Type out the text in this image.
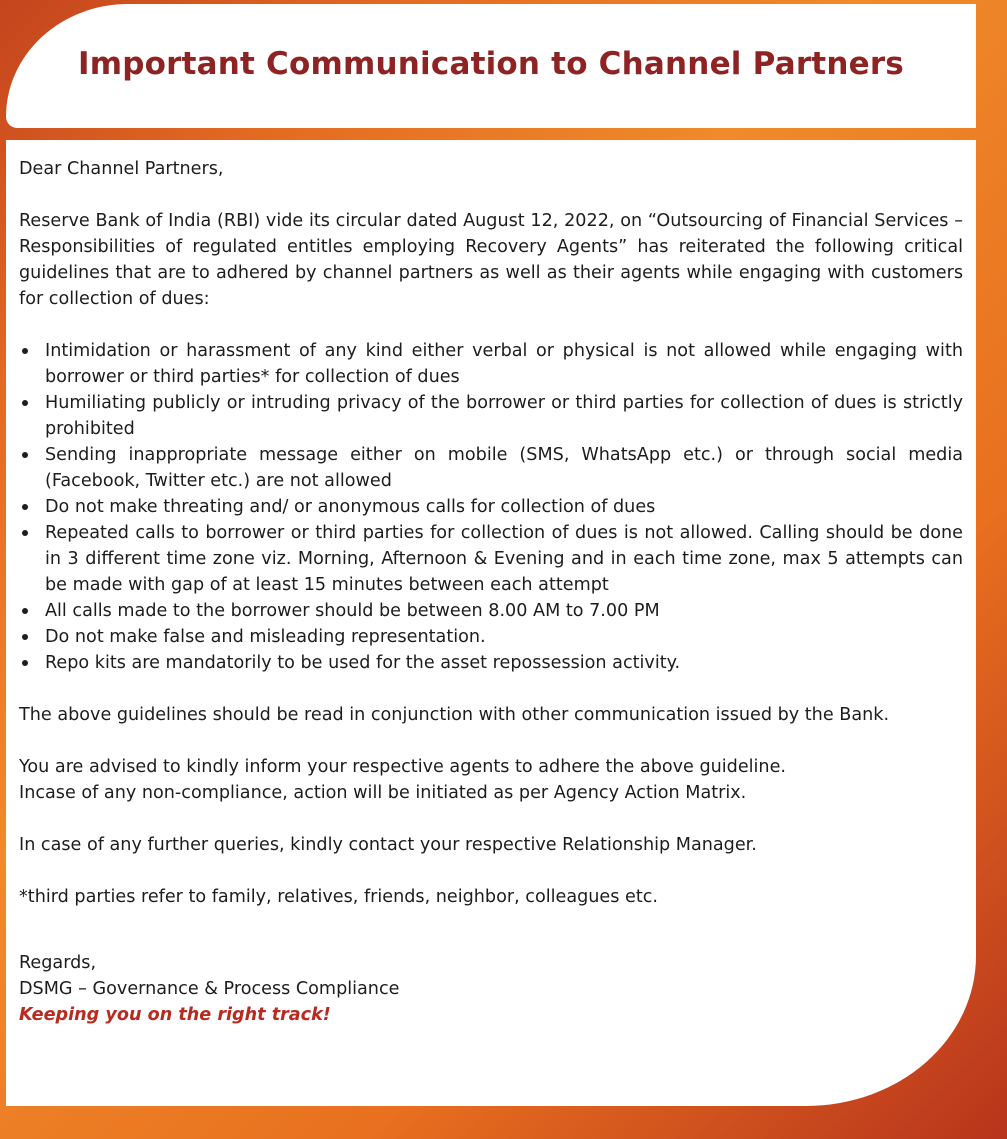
Important Communication to Channel Partners

Dear Channel Partners,

Reserve Bank of India (RBI) vide its circular dated August 12, 2022, on “Outsourcing of Financial Services – Responsibilities of regulated entitles employing Recovery Agents” has reiterated the following critical guidelines that are to adhered by channel partners as well as their agents while engaging with customers for collection of dues:

Intimidation or harassment of any kind either verbal or physical is not allowed while engaging with borrower or third parties* for collection of dues
Humiliating publicly or intruding privacy of the borrower or third parties for collection of dues is strictly prohibited
Sending inappropriate message either on mobile (SMS, WhatsApp etc.) or through social media (Facebook, Twitter etc.) are not allowed
Do not make threating and/ or anonymous calls for collection of dues
Repeated calls to borrower or third parties for collection of dues is not allowed. Calling should be done in 3 different time zone viz. Morning, Afternoon & Evening and in each time zone, max 5 attempts can be made with gap of at least 15 minutes between each attempt
All calls made to the borrower should be between 8.00 AM to 7.00 PM
Do not make false and misleading representation.
Repo kits are mandatorily to be used for the asset repossession activity.

The above guidelines should be read in conjunction with other communication issued by the Bank.

You are advised to kindly inform your respective agents to adhere the above guideline.

Incase of any non-compliance, action will be initiated as per Agency Action Matrix.

In case of any further queries, kindly contact your respective Relationship Manager.

*third parties refer to family, relatives, friends, neighbor, colleagues etc.

Regards,

DSMG – Governance & Process Compliance

Keeping you on the right track!
